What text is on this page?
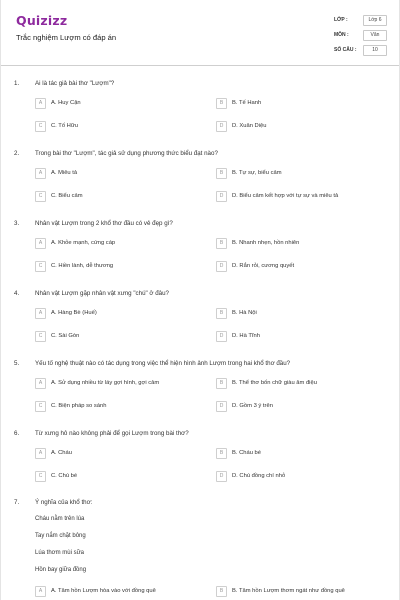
Quizizz
Trắc nghiệm Lượm có đáp án
LỚP :	Lớp 6
MÔN :	Văn
SỐ CÂU :	10
1.	Ai là tác giả bài thơ "Lượm"?
A	A. Huy Cận	B	B. Tế Hanh
C	C. Tố Hữu	D	D. Xuân Diệu
2.	Trong bài thơ "Lượm", tác giả sử dụng phương thức biểu đạt nào?
A	A. Miêu tả	B	B. Tự sự, biểu cảm
C	C. Biểu cảm	D	D. Biểu cảm kết hợp với tự sự và miêu tả
3.	Nhân vật Lượm trong 2 khổ thơ đầu có vẻ đẹp gì?
A	A. Khỏe mạnh, cứng cáp	B	B. Nhanh nhẹn, hồn nhiên
C	C. Hiền lành, dễ thương	D	D. Rắn rỏi, cương quyết
4.	Nhân vật Lượm gặp nhân vật xưng "chú" ở đâu?
A	A. Hàng Bè (Huế)	B	B. Hà Nội
C	C. Sài Gòn	D	D. Hà Tĩnh
5.	Yếu tố nghệ thuật nào có tác dụng trong việc thể hiện hình ảnh Lượm trong hai khổ thơ đầu?
A	A. Sử dụng nhiều từ láy gợi hình, gợi cảm	B	B. Thể thơ bốn chữ giàu âm điệu
C	C. Biện pháp so sánh	D	D. Gồm 3 ý trên
6.	Từ xưng hô nào không phải để gọi Lượm trong bài thơ?
A	A. Cháu	B	B. Cháu bé
C	C. Chú bé	D	D. Chú đồng chí nhỏ
7.	Ý nghĩa của khổ thơ:
Cháu nằm trên lúa
Tay nắm chặt bông
Lúa thơm mùi sữa
Hồn bay giữa đồng
A	A. Tâm hồn Lượm hòa vào với đồng quê	B	B. Tâm hồn Lượm thơm ngát như đồng quê
